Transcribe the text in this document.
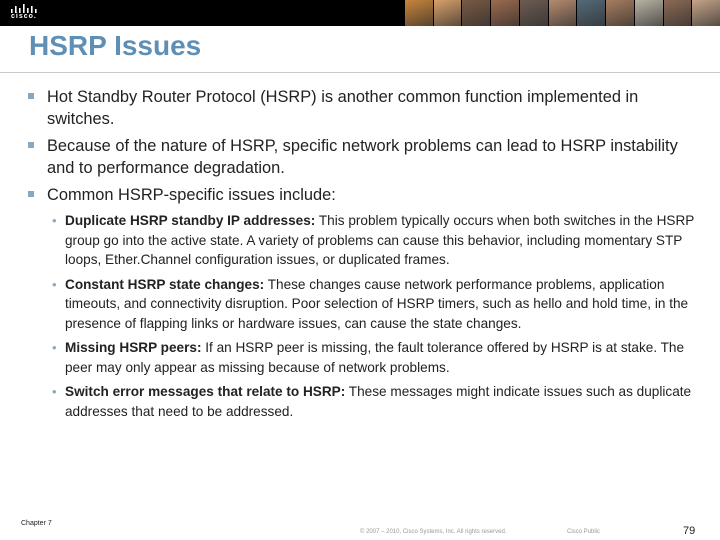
cisco.
HSRP Issues
Hot Standby Router Protocol (HSRP) is another common function implemented in switches.
Because of the nature of HSRP, specific network problems can lead to HSRP instability and to performance degradation.
Common HSRP-specific issues include:
• Duplicate HSRP standby IP addresses: This problem typically occurs when both switches in the HSRP group go into the active state. A variety of problems can cause this behavior, including momentary STP loops, Ether.Channel configuration issues, or duplicated frames.
• Constant HSRP state changes: These changes cause network performance problems, application timeouts, and connectivity disruption. Poor selection of HSRP timers, such as hello and hold time, in the presence of flapping links or hardware issues, can cause the state changes.
• Missing HSRP peers: If an HSRP peer is missing, the fault tolerance offered by HSRP is at stake. The peer may only appear as missing because of network problems.
• Switch error messages that relate to HSRP: These messages might indicate issues such as duplicate addresses that need to be addressed.
Chapter 7
© 2007 – 2010, Cisco Systems, Inc. All rights reserved.	Cisco Public	79
